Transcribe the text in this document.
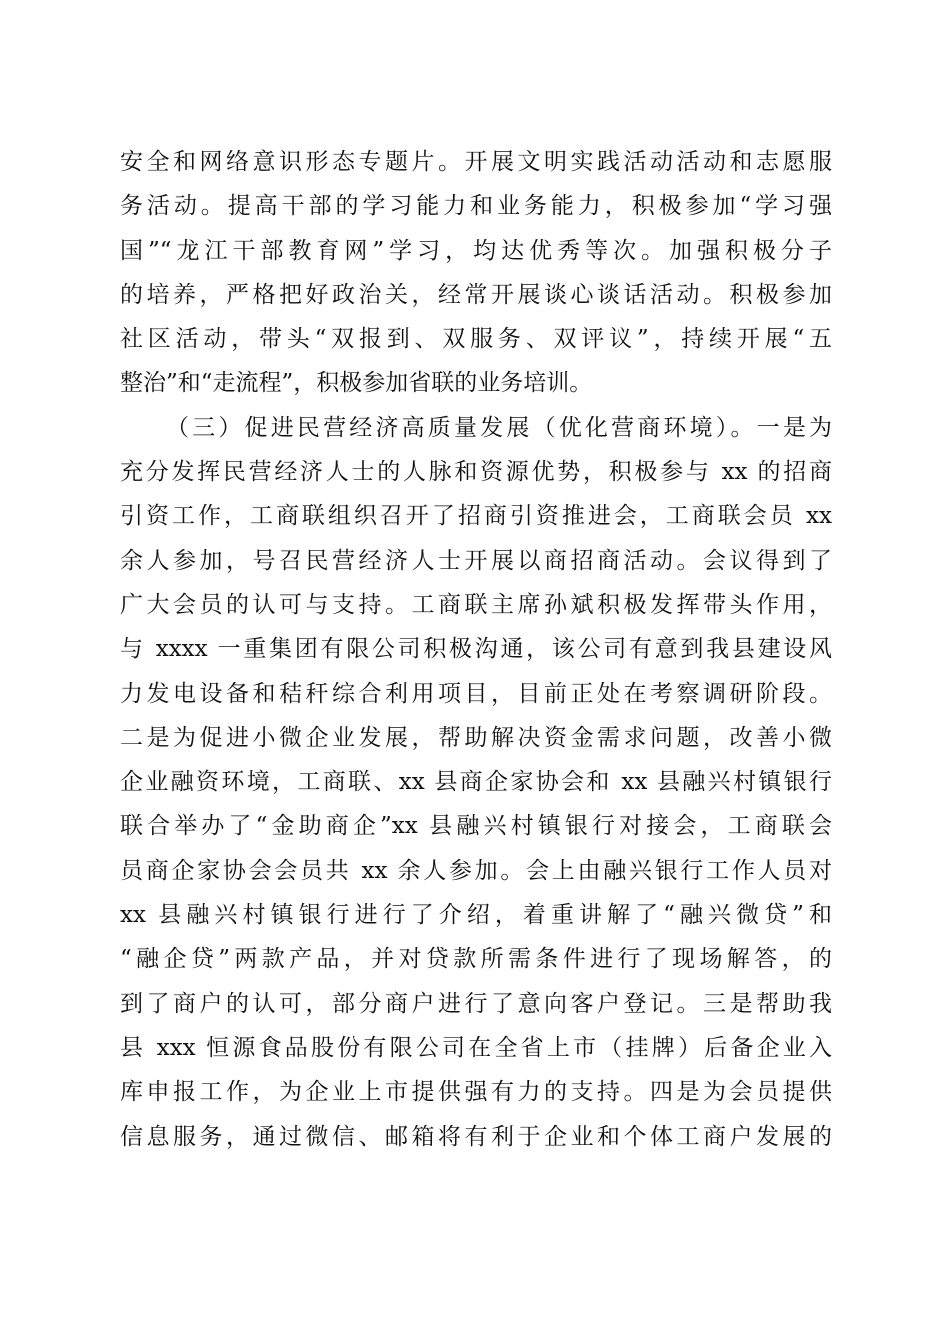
安全和网络意识形态专题片。开展文明实践活动活动和志愿服
务活动。提高干部的学习能力和业务能力，积极参加“学习强
国”“龙江干部教育网”学习，均达优秀等次。加强积极分子
的培养，严格把好政治关，经常开展谈心谈话活动。积极参加
社区活动，带头“双报到、双服务、双评议”，持续开展“五
整治”和“走流程”，积极参加省联的业务培训。
（三）促进民营经济高质量发展（优化营商环境）。一是为
充分发挥民营经济人士的人脉和资源优势，积极参与 xx 的招商
引资工作，工商联组织召开了招商引资推进会，工商联会员 xx
余人参加，号召民营经济人士开展以商招商活动。会议得到了
广大会员的认可与支持。工商联主席孙斌积极发挥带头作用，
与 xxxx 一重集团有限公司积极沟通，该公司有意到我县建设风
力发电设备和秸秆综合利用项目，目前正处在考察调研阶段。
二是为促进小微企业发展，帮助解决资金需求问题，改善小微
企业融资环境，工商联、xx 县商企家协会和 xx 县融兴村镇银行
联合举办了“金助商企”xx 县融兴村镇银行对接会，工商联会
员商企家协会会员共 xx 余人参加。会上由融兴银行工作人员对
xx 县融兴村镇银行进行了介绍，着重讲解了“融兴微贷”和
“融企贷”两款产品，并对贷款所需条件进行了现场解答，的
到了商户的认可，部分商户进行了意向客户登记。三是帮助我
县 xxx 恒源食品股份有限公司在全省上市（挂牌）后备企业入
库申报工作，为企业上市提供强有力的支持。四是为会员提供
信息服务，通过微信、邮箱将有利于企业和个体工商户发展的
